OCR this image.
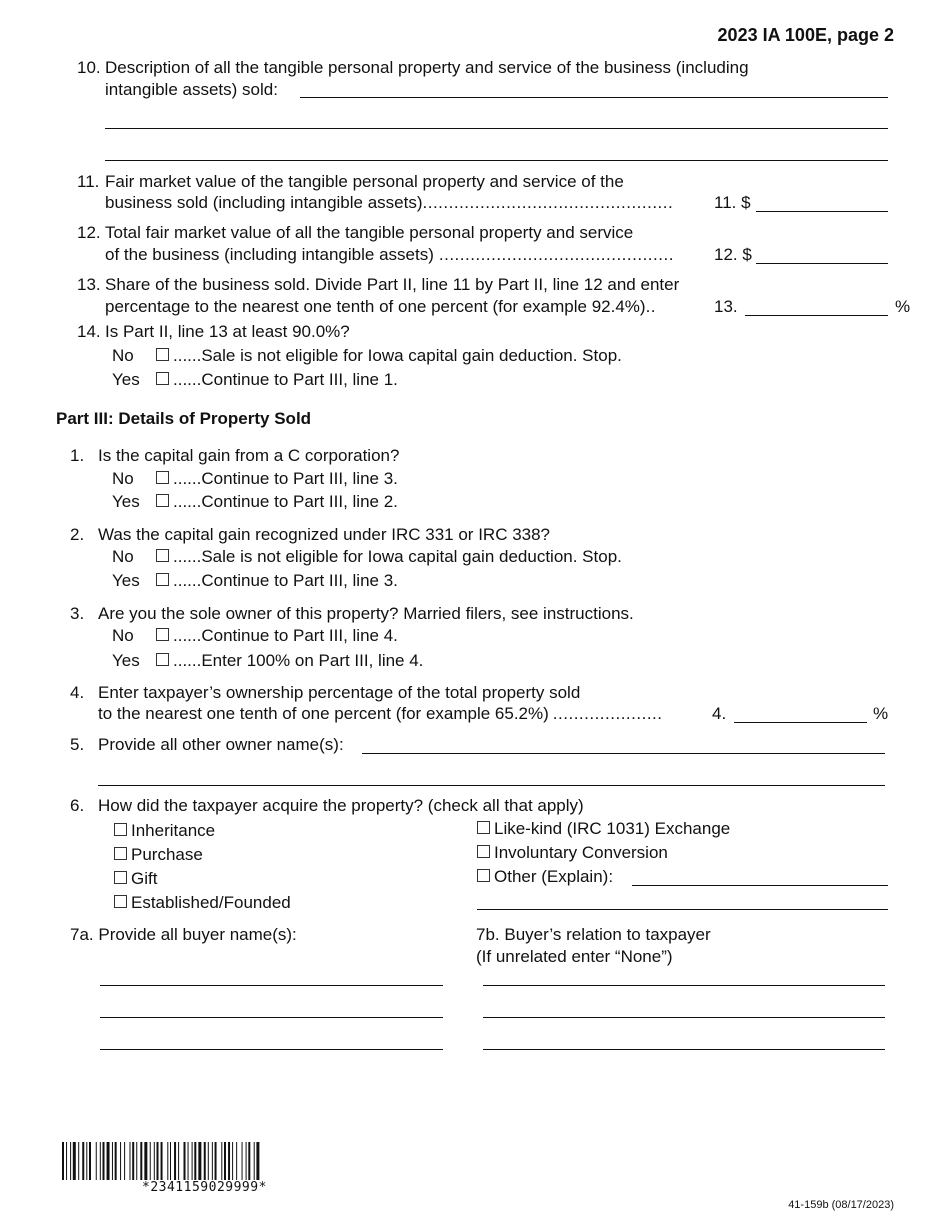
2023 IA 100E, page 2
10. Description of all the tangible personal property and service of the business (including
intangible assets) sold:
11. Fair market value of the tangible personal property and service of the
business sold (including intangible assets)................................................ 11. $
12. Total fair market value of all the tangible personal property and service
of the business (including intangible assets) ............................................. 12. $
13. Share of the business sold. Divide Part II, line 11 by Part II, line 12 and enter
percentage to the nearest one tenth of one percent (for example 92.4%)..	13.	%
14. Is Part II, line 13 at least 90.0%?
No	......Sale is not eligible for Iowa capital gain deduction. Stop.
Yes	......Continue to Part III, line 1.
Part III: Details of Property Sold
1. Is the capital gain from a C corporation?
No	......Continue to Part III, line 3.
Yes	......Continue to Part III, line 2.
2. Was the capital gain recognized under IRC 331 or IRC 338?
No	......Sale is not eligible for Iowa capital gain deduction. Stop.
Yes	......Continue to Part III, line 3.
3. Are you the sole owner of this property? Married filers, see instructions.
No	......Continue to Part III, line 4.
Yes	......Enter 100% on Part III, line 4.
4. Enter taxpayer’s ownership percentage of the total property sold
to the nearest one tenth of one percent (for example 65.2%) .....................	4.	%
5. Provide all other owner name(s):
6. How did the taxpayer acquire the property? (check all that apply)
Inheritance
Purchase
Gift
Established/Founded
Like-kind (IRC 1031) Exchange
Involuntary Conversion
Other (Explain):
7a. Provide all buyer name(s):	7b. Buyer’s relation to taxpayer
(If unrelated enter “None”)
*2341159029999*
41-159b (08/17/2023)
